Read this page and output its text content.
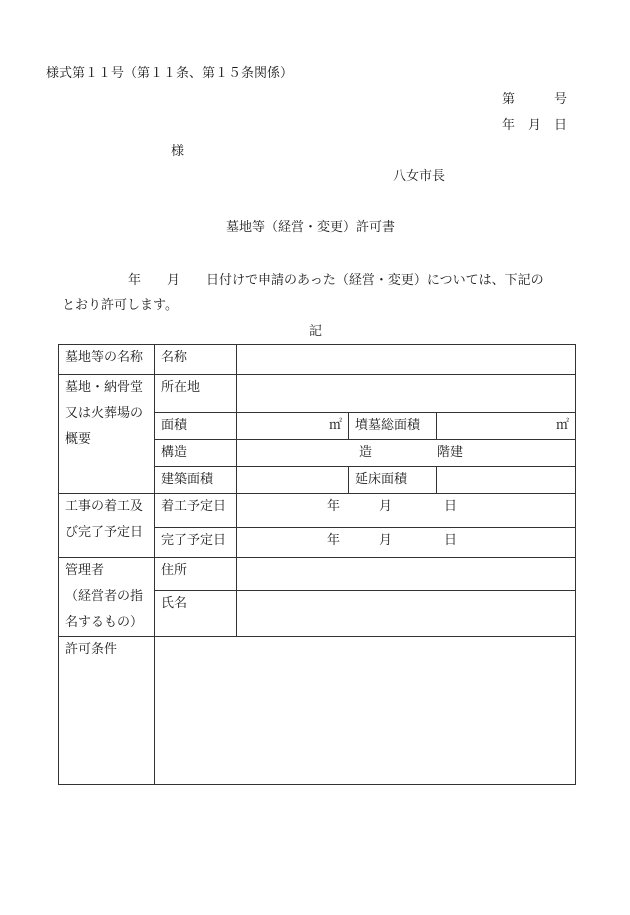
様式第１１号（第１１条、第１５条関係）
第　　　号
年　月　日
様
八女市長
墓地等（経営・変更）許可書
年　　月　　日付けで申請のあった（経営・変更）については、下記の
とおり許可します。
記
墓地等の名称	名称			
墓地・納骨堂
又は火葬場の
概要	所在地			
	面積	㎡	墳墓総面積	㎡
	構造	造　　　　　階建		
	建築面積		延床面積	
工事の着工及
び完了予定日	着工予定日	年　　　月　　　　日		
	完了予定日	年　　　月　　　　日		
管理者
（経営者の指
名するもの）	住所			
	氏名			
許可条件				
